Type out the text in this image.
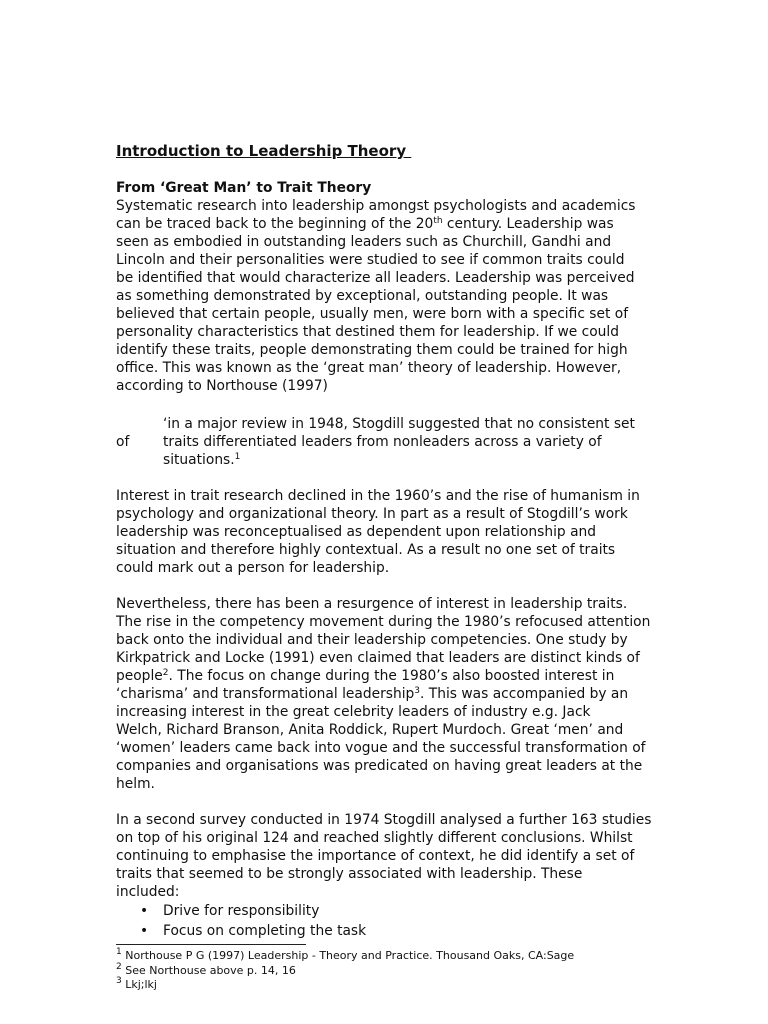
Introduction to Leadership Theory
From ‘Great Man’ to Trait Theory
Systematic research into leadership amongst psychologists and academics
can be traced back to the beginning of the 20th century. Leadership was
seen as embodied in outstanding leaders such as Churchill, Gandhi and
Lincoln and their personalities were studied to see if common traits could
be identified that would characterize all leaders. Leadership was perceived
as something demonstrated by exceptional, outstanding people. It was
believed that certain people, usually men, were born with a specific set of
personality characteristics that destined them for leadership. If we could
identify these traits, people demonstrating them could be trained for high
office. This was known as the ‘great man’ theory of leadership. However,
according to Northouse (1997)
of
‘in a major review in 1948, Stogdill suggested that no consistent set
traits differentiated leaders from nonleaders across a variety of
situations.$^1$
Interest in trait research declined in the 1960’s and the rise of humanism in
psychology and organizational theory. In part as a result of Stogdill’s work
leadership was reconceptualised as dependent upon relationship and
situation and therefore highly contextual. As a result no one set of traits
could mark out a person for leadership.
Nevertheless, there has been a resurgence of interest in leadership traits.
The rise in the competency movement during the 1980’s refocused attention
back onto the individual and their leadership competencies. One study by
Kirkpatrick and Locke (1991) even claimed that leaders are distinct kinds of
people$^2$. The focus on change during the 1980’s also boosted interest in
‘charisma’ and transformational leadership$^3$. This was accompanied by an
increasing interest in the great celebrity leaders of industry e.g. Jack
Welch, Richard Branson, Anita Roddick, Rupert Murdoch. Great ‘men’ and
‘women’ leaders came back into vogue and the successful transformation of
companies and organisations was predicated on having great leaders at the
helm.
In a second survey conducted in 1974 Stogdill analysed a further 163 studies
on top of his original 124 and reached slightly different conclusions. Whilst
continuing to emphasise the importance of context, he did identify a set of
traits that seemed to be strongly associated with leadership. These
included:
• Drive for responsibility
• Focus on completing the task
$^1$ Northouse P G (1997) Leadership - Theory and Practice. Thousand Oaks, CA:Sage
$^2$ See Northouse above p. 14, 16
$^3$ Lkj;lkj
